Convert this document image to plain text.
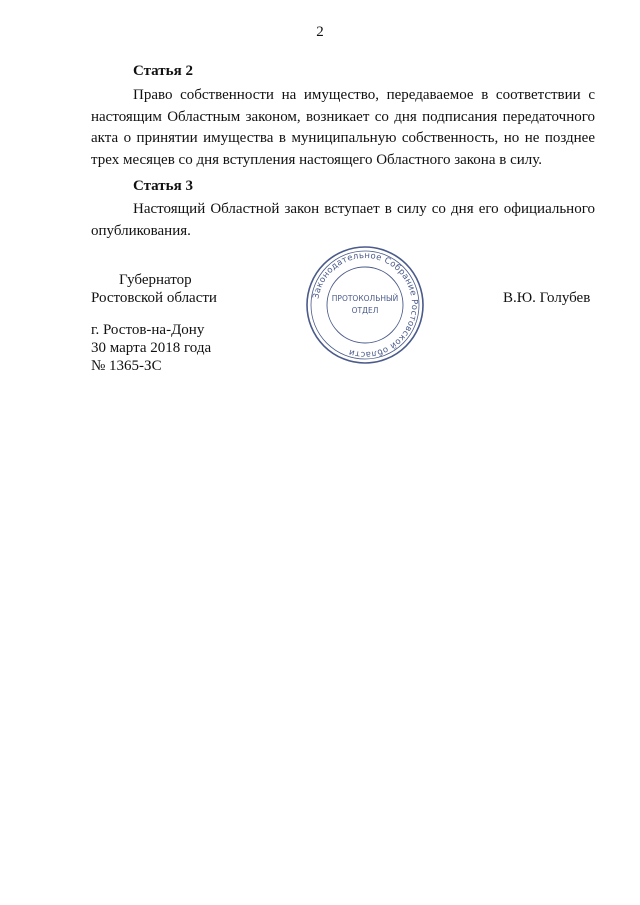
2
Статья 2

Право собственности на имущество, передаваемое в соответствии с настоящим Областным законом, возникает со дня подписания передаточного акта о принятии имущества в муниципальную собственность, но не позднее трех месяцев со дня вступления настоящего Областного закона в силу.

Статья 3

Настоящий Областной закон вступает в силу со дня его официального опубликования.

Губернатор
Ростовской области	В.Ю. Голубев
Законодательное Собрание Ростовской области
ПРОТОКОЛЬНЫЙ
ОТДЕЛ
г. Ростов-на-Дону
30 марта 2018 года
№ 1365-ЗС
